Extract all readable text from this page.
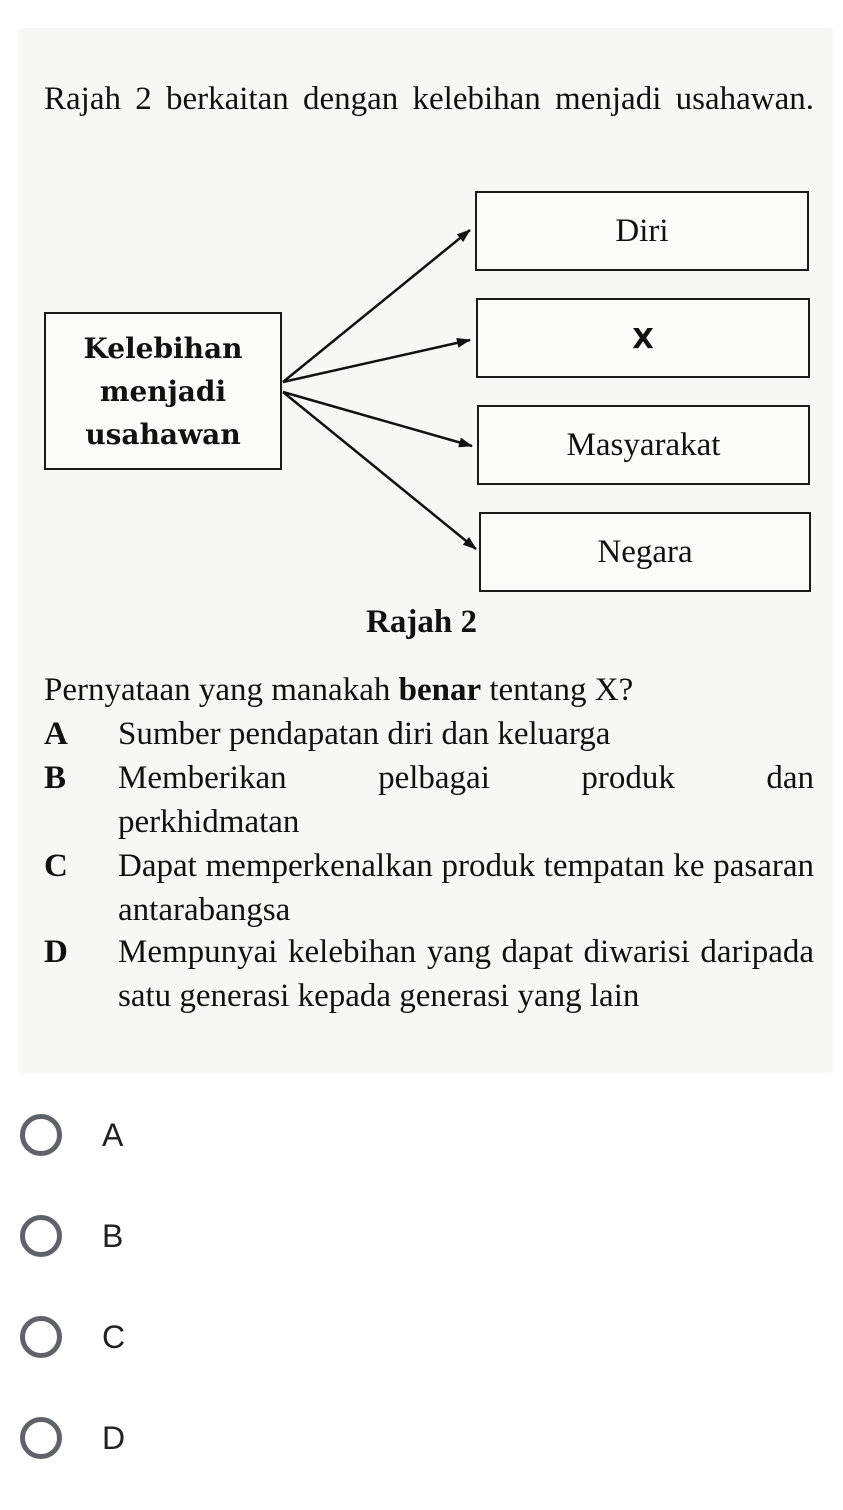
Rajah 2 berkaitan dengan kelebihan menjadi usahawan.
Kelebihan
menjadi
usahawan
Diri
X
Masyarakat
Negara
Rajah 2
Pernyataan yang manakah benar tentang X?
A	Sumber pendapatan diri dan keluarga
B	Memberikan pelbagai produk dan perkhidmatan
C	Dapat memperkenalkan produk tempatan ke pasaran antarabangsa
D	Mempunyai kelebihan yang dapat diwarisi daripada satu generasi kepada generasi yang lain
A
B
C
D
